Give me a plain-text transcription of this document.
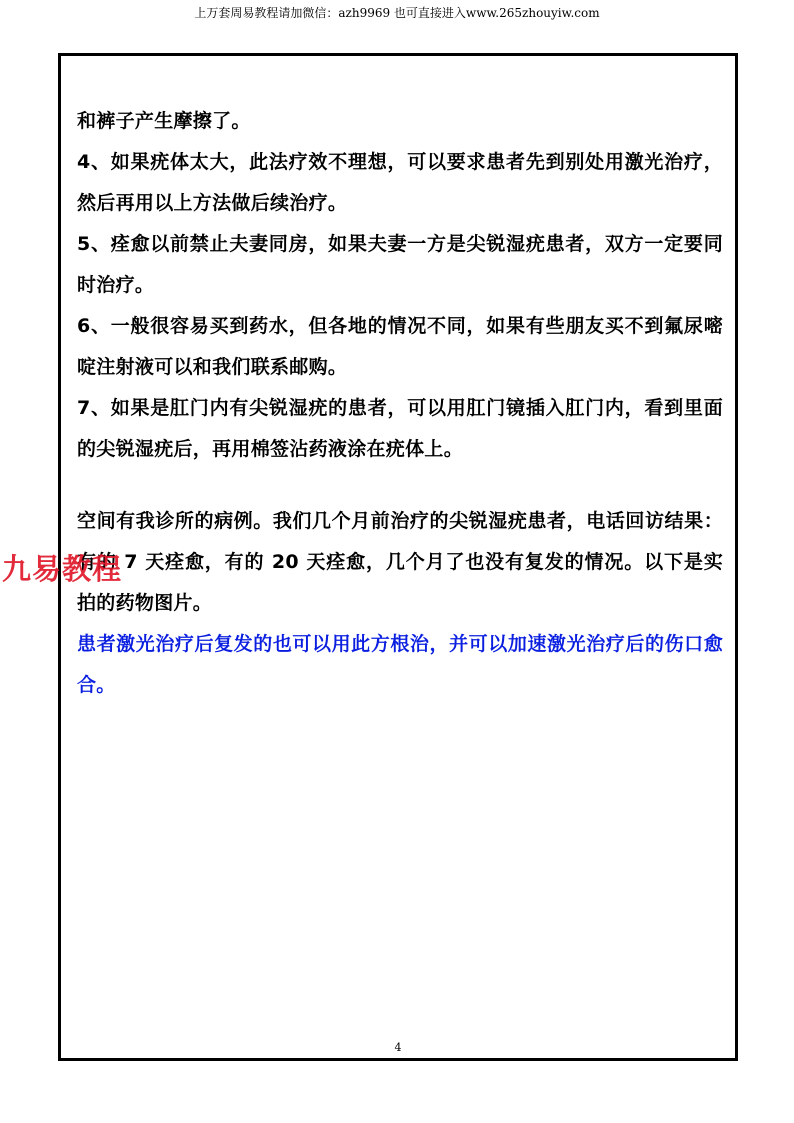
上万套周易教程请加微信：azh9969 也可直接进入www.265zhouyiw.com

和裤子产生摩擦了。

4、如果疣体太大，此法疗效不理想，可以要求患者先到别处用激光治疗，然后再用以上方法做后续治疗。

5、痊愈以前禁止夫妻同房，如果夫妻一方是尖锐湿疣患者，双方一定要同时治疗。

6、一般很容易买到药水，但各地的情况不同，如果有些朋友买不到氟尿嘧啶注射液可以和我们联系邮购。

7、如果是肛门内有尖锐湿疣的患者，可以用肛门镜插入肛门内，看到里面的尖锐湿疣后，再用棉签沾药液涂在疣体上。

空间有我诊所的病例。我们几个月前治疗的尖锐湿疣患者，电话回访结果：有的 7 天痊愈，有的 20 天痊愈，几个月了也没有复发的情况。以下是实拍的药物图片。

患者激光治疗后复发的也可以用此方根治，并可以加速激光治疗后的伤口愈合。

4
九易教程
